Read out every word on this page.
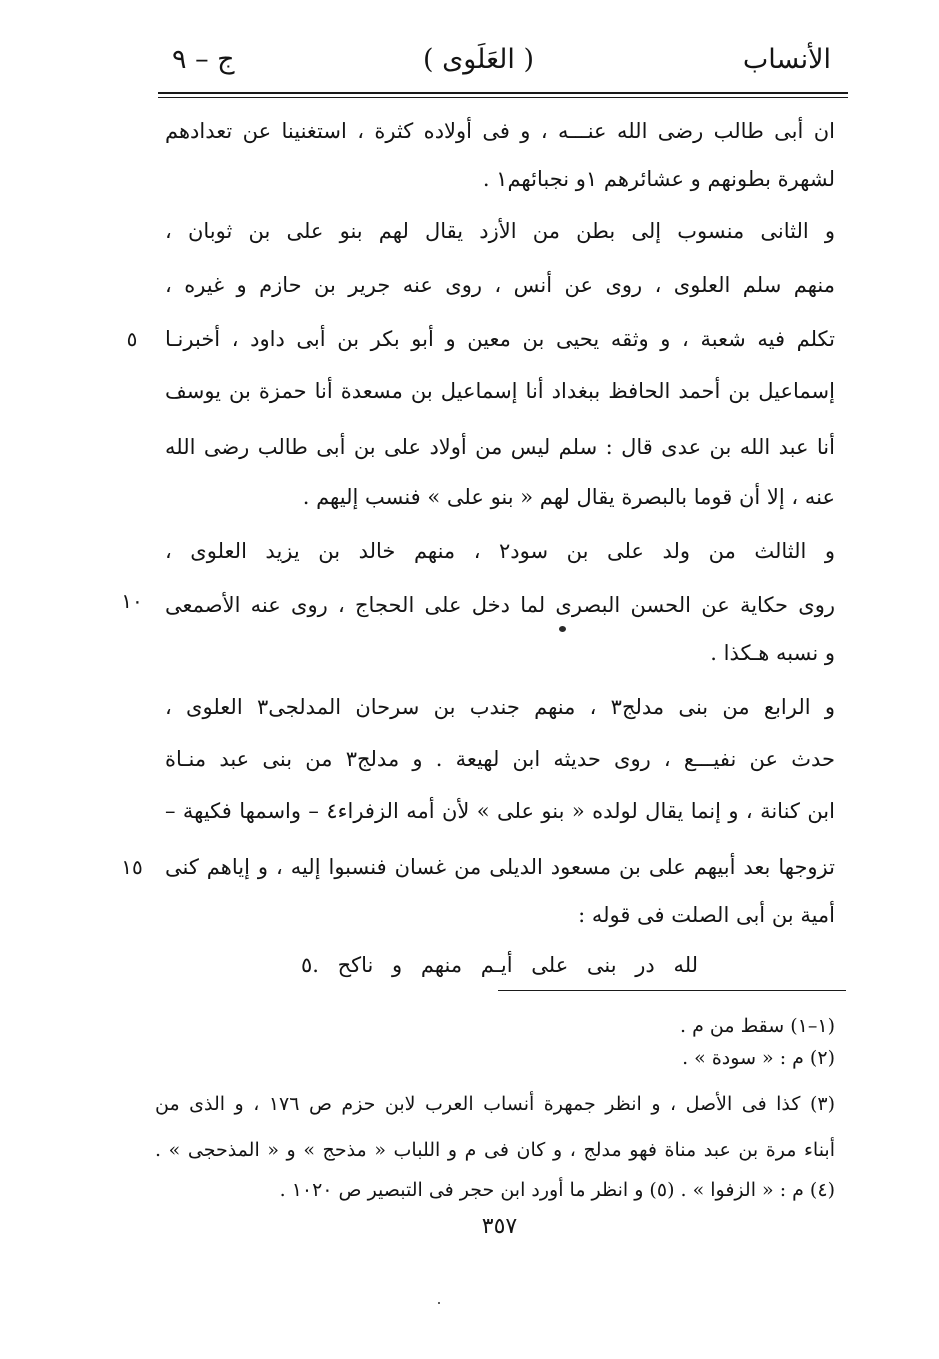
الأنساب
( العَلَوى )
ج – ٩
ان أبى طالب رضى الله عنـــه ، و فى أولاده كثرة ، استغنينا عن تعدادهم
لشهرة بطونهم و عشائرهم ١و نجبائهم١ .
و الثانى منسوب إلى بطن من الأزد يقال لهم بنو على بن ثوبان ،
منهم سلم العلوى ، روى عن أنس ، روى عنه جرير بن حازم و غيره ،
تكلم فيه شعبة ، و وثقه يحيى بن معين و أبو بكر بن أبى داود ، أخبرنـا
إسماعيل بن أحمد الحافظ ببغداد أنا إسماعيل بن مسعدة أنا حمزة بن يوسف
أنا عبد الله بن عدى قال : سلم ليس من أولاد على بن أبى طالب رضى الله
عنه ، إلا أن قوما بالبصرة يقال لهم « بنو على » فنسب إليهم .
و الثالث من ولد على بن سود٢ ، منهم خالد بن يزيد العلوى ،
روى حكاية عن الحسن البصرى لما دخل على الحجاج ، روى عنه الأصمعى
و نسبه هـكذا .
و الرابع من بنى مدلج٣ ، منهم جندب بن سرحان المدلجى٣ العلوى ،
حدث عن نفيـــع ، روى حديثه ابن لهيعة . و مدلج٣ من بنى عبد منـاة
ابن كنانة ، و إنما يقال لولده « بنو على » لأن أمه الزفراء٤ – واسمها فكيهة –
تزوجها بعد أبيهم على بن مسعود الديلى من غسان فنسبوا إليه ، و إياهم كنى
أمية بن أبى الصلت فى قوله :
٥
١٠
١٥
لله در بنى على أيـم منهم و ناكح .٥
(١–١) سقط من م .
(٢) م : « سودة » .
(٣) كذا فى الأصل ، و انظر جمهرة أنساب العرب لابن حزم ص ١٧٦ ، و الذى من
أبناء مرة بن عبد مناة فهو مدلج ، و كان فى م و اللباب « مذحج » و « المذحجى » .
(٤) م : « الزفوا » . (٥) و انظر ما أورد ابن حجر فى التبصير ص ١٠٢٠ .
٣٥٧
